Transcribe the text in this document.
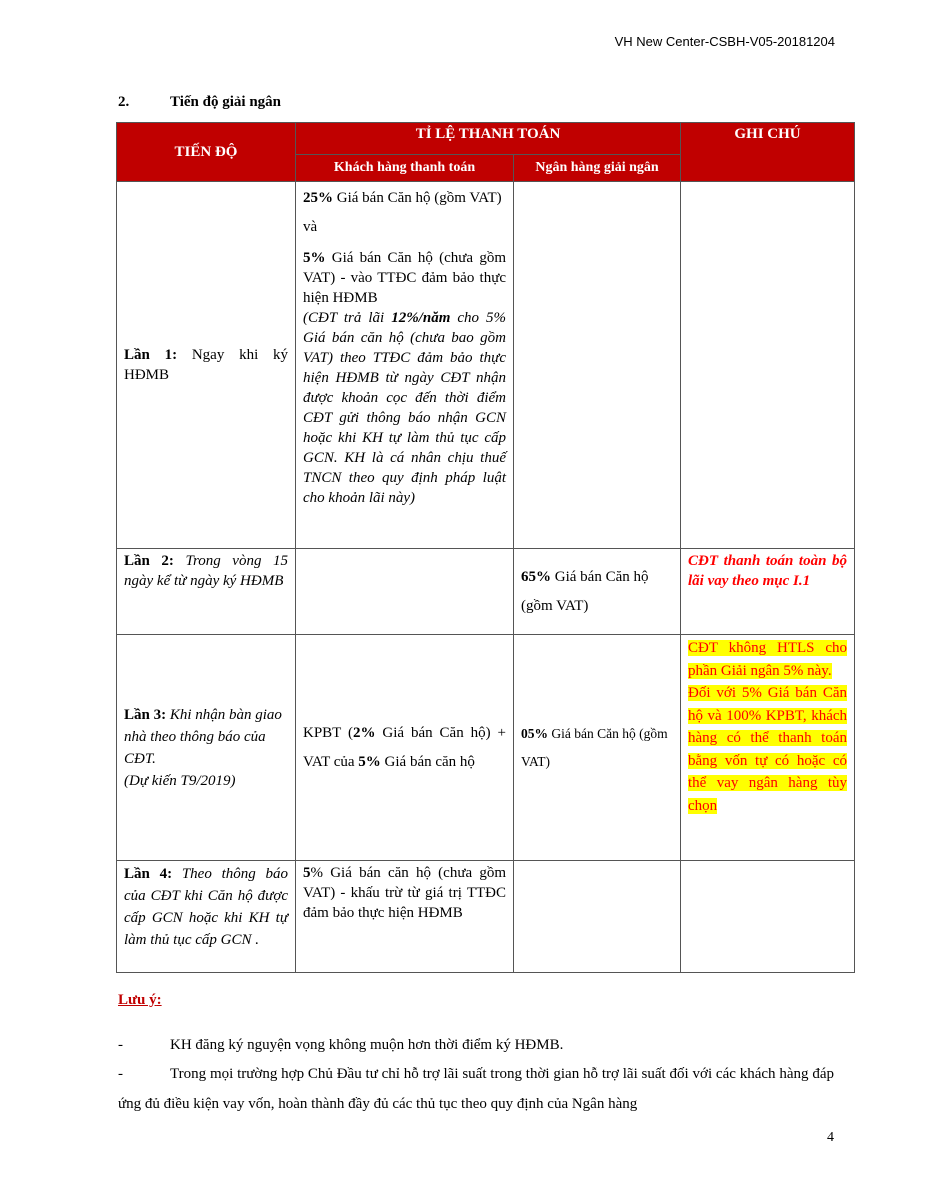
VH New Center-CSBH-V05-20181204
2.	Tiến độ giải ngân
TIẾN ĐỘ	TỈ LỆ THANH TOÁN		GHI CHÚ
	Khách hàng thanh toán	Ngân hàng giải ngân	
Lần 1: Ngay khi ký HĐMB	25% Giá bán Căn hộ (gồm VAT)
và
5% Giá bán Căn hộ (chưa gồm VAT) - vào TTĐC đảm bảo thực hiện HĐMB
(CĐT trả lãi 12%/năm cho 5% Giá bán căn hộ (chưa bao gồm VAT) theo TTĐC đảm bảo thực hiện HĐMB từ ngày CĐT nhận được khoản cọc đến thời điểm CĐT gửi thông báo nhận GCN hoặc khi KH tự làm thủ tục cấp GCN. KH là cá nhân chịu thuế TNCN theo quy định pháp luật cho khoản lãi này)		

Lần 2: Trong vòng 15 ngày kể từ ngày ký HĐMB		65% Giá bán Căn hộ (gồm VAT)	CĐT thanh toán toàn bộ lãi vay theo mục I.1
Lần 3: Khi nhận bàn giao nhà theo thông báo của CĐT.
(Dự kiến T9/2019)	KPBT (2% Giá bán Căn hộ) + VAT của 5% Giá bán căn hộ	05% Giá bán Căn hộ (gồm VAT)	CĐT không HTLS cho phần Giải ngân 5% này.
Đối với 5% Giá bán Căn hộ và 100% KPBT, khách hàng có thể thanh toán bằng vốn tự có hoặc có thể vay ngân hàng tùy chọn
Lần 4: Theo thông báo của CĐT khi Căn hộ được cấp GCN hoặc khi KH tự làm thủ tục cấp GCN .	5% Giá bán căn hộ (chưa gồm VAT) - khấu trừ từ giá trị TTĐC đảm bảo thực hiện HĐMB		
Lưu ý:
-	KH đăng ký nguyện vọng không muộn hơn thời điểm ký HĐMB.
-	Trong mọi trường hợp Chủ Đầu tư chỉ hỗ trợ lãi suất trong thời gian hỗ trợ lãi suất đối với các khách hàng đáp ứng đủ điều kiện vay vốn, hoàn thành đầy đủ các thủ tục theo quy định của Ngân hàng
4
